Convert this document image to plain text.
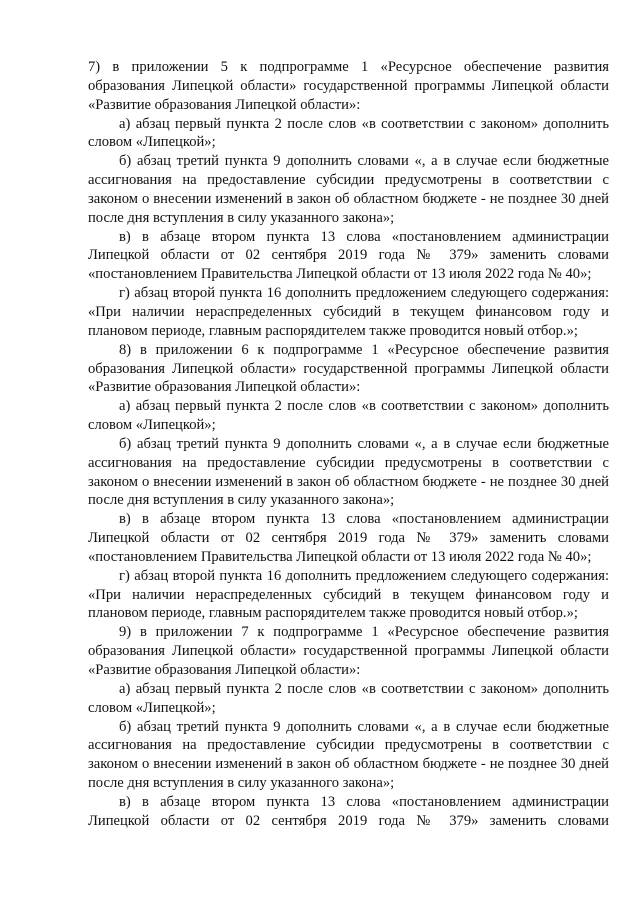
7) в приложении 5 к подпрограмме 1 «Ресурсное обеспечение развития образования Липецкой области» государственной программы Липецкой области «Развитие образования Липецкой области»:

а) абзац первый пункта 2 после слов «в соответствии с законом» дополнить словом «Липецкой»;

б) абзац третий пункта 9 дополнить словами «, а в случае если бюджетные ассигнования на предоставление субсидии предусмотрены в соответствии с законом о внесении изменений в закон об областном бюджете - не позднее 30 дней после дня вступления в силу указанного закона»;

в) в абзаце втором пункта 13 слова «постановлением администрации Липецкой области от 02 сентября 2019 года № 379» заменить словами «постановлением Правительства Липецкой области от 13 июля 2022 года № 40»;

г) абзац второй пункта 16 дополнить предложением следующего содержания: «При наличии нераспределенных субсидий в текущем финансовом году и плановом периоде, главным распорядителем также проводится новый отбор.»;

8) в приложении 6 к подпрограмме 1 «Ресурсное обеспечение развития образования Липецкой области» государственной программы Липецкой области «Развитие образования Липецкой области»:

а) абзац первый пункта 2 после слов «в соответствии с законом» дополнить словом «Липецкой»;

б) абзац третий пункта 9 дополнить словами «, а в случае если бюджетные ассигнования на предоставление субсидии предусмотрены в соответствии с законом о внесении изменений в закон об областном бюджете - не позднее 30 дней после дня вступления в силу указанного закона»;

в) в абзаце втором пункта 13 слова «постановлением администрации Липецкой области от 02 сентября 2019 года № 379» заменить словами «постановлением Правительства Липецкой области от 13 июля 2022 года № 40»;

г) абзац второй пункта 16 дополнить предложением следующего содержания: «При наличии нераспределенных субсидий в текущем финансовом году и плановом периоде, главным распорядителем также проводится новый отбор.»;

9) в приложении 7 к подпрограмме 1 «Ресурсное обеспечение развития образования Липецкой области» государственной программы Липецкой области «Развитие образования Липецкой области»:

а) абзац первый пункта 2 после слов «в соответствии с законом» дополнить словом «Липецкой»;

б) абзац третий пункта 9 дополнить словами «, а в случае если бюджетные ассигнования на предоставление субсидии предусмотрены в соответствии с законом о внесении изменений в закон об областном бюджете - не позднее 30 дней после дня вступления в силу указанного закона»;

в) в абзаце втором пункта 13 слова «постановлением администрации Липецкой области от 02 сентября 2019 года № 379» заменить словами
